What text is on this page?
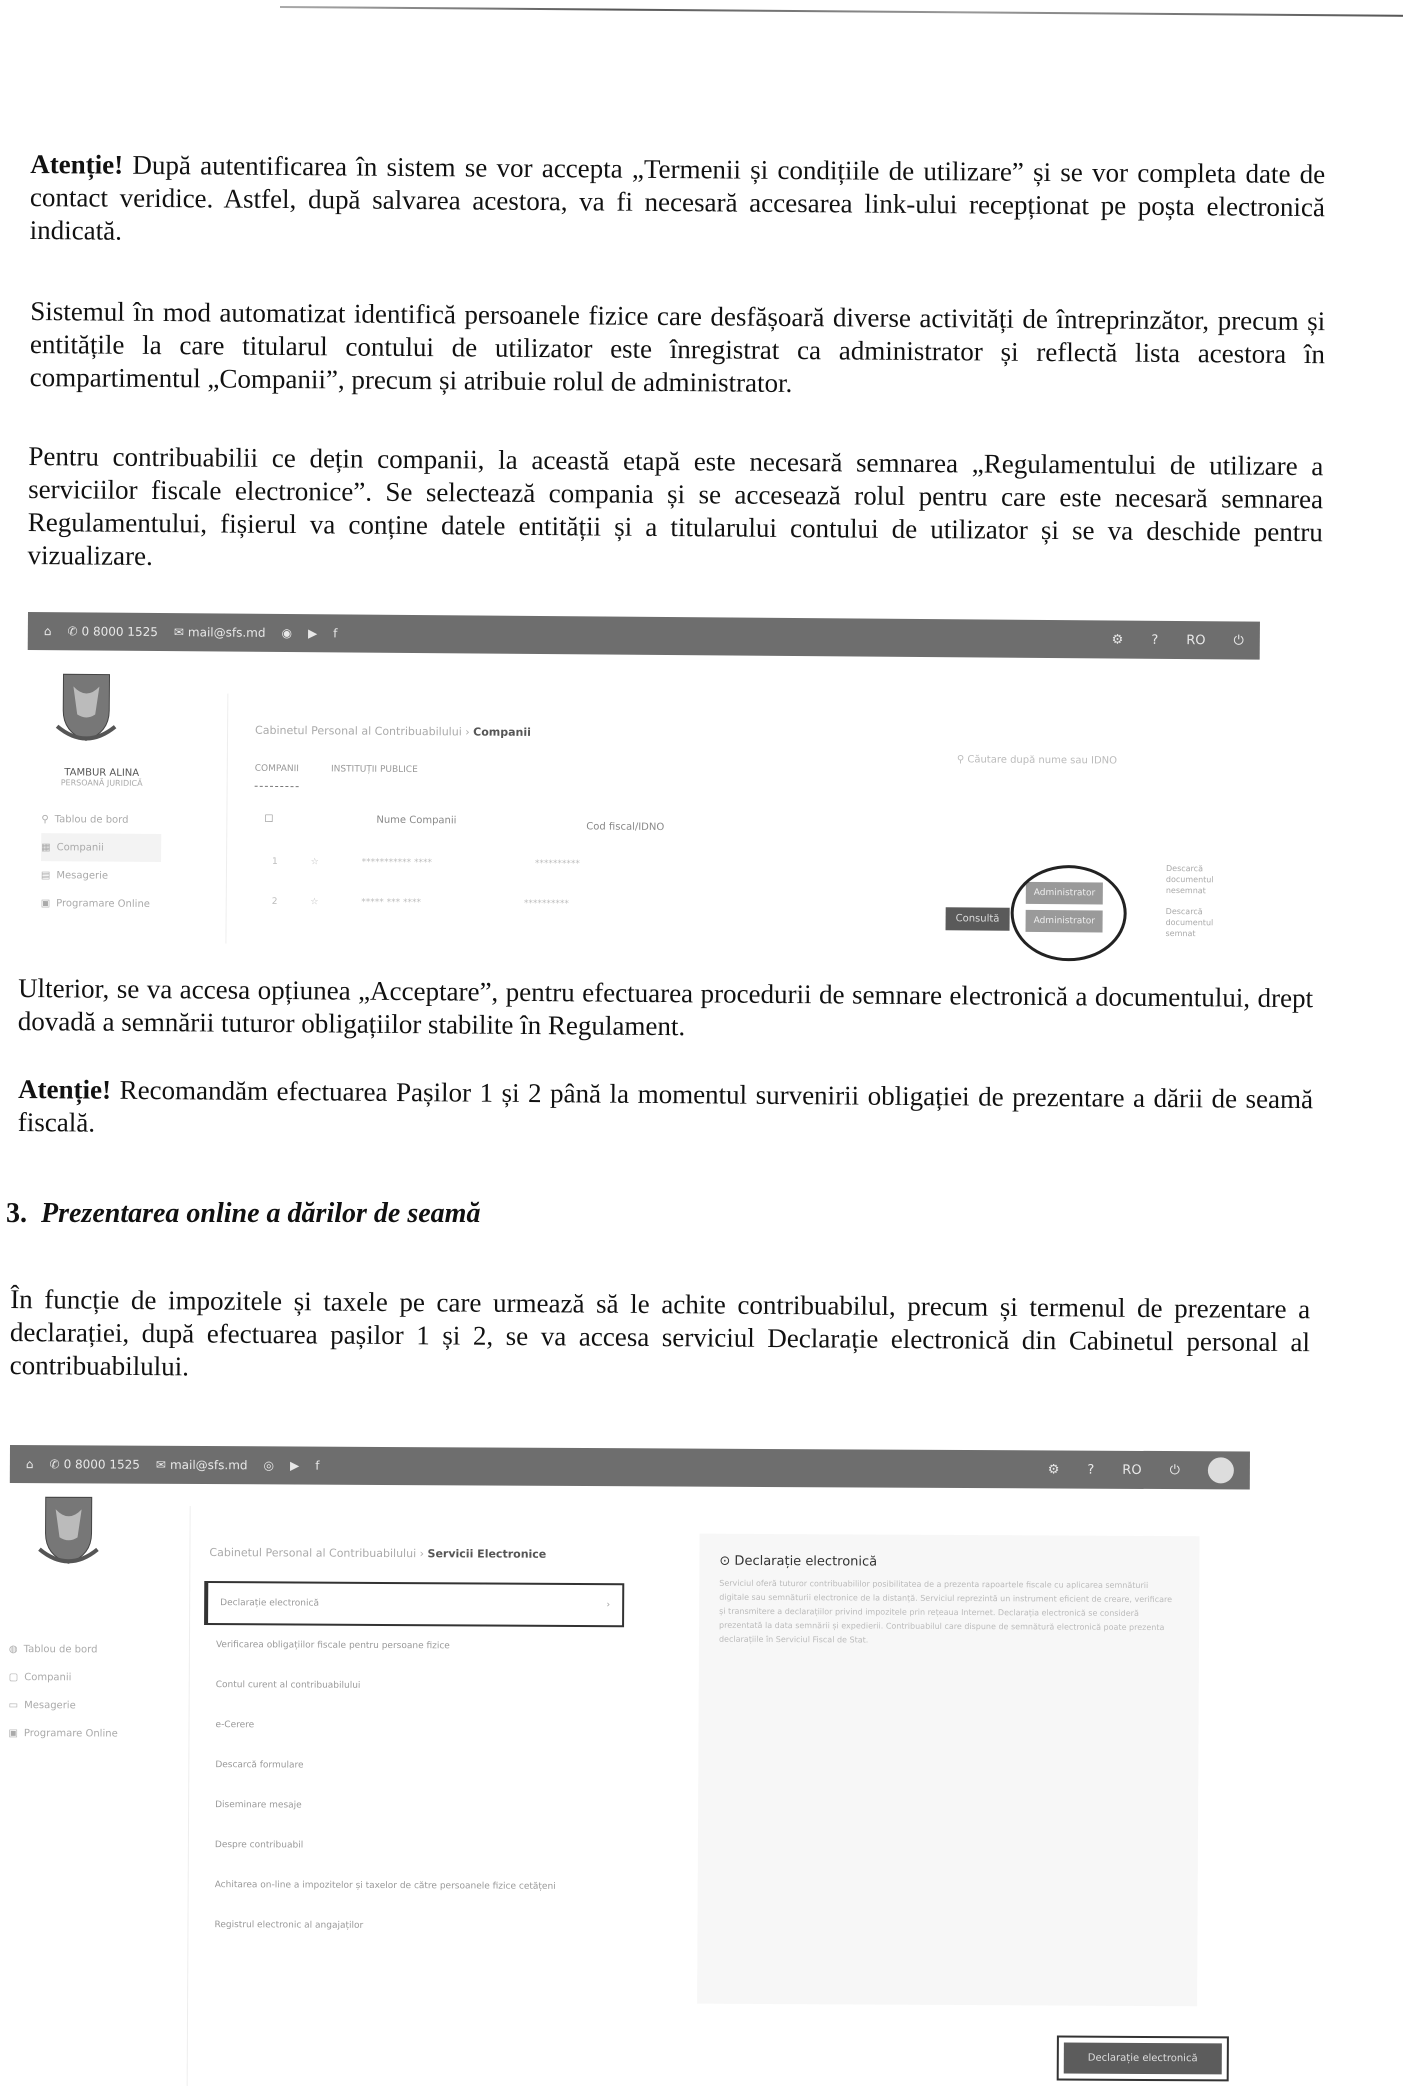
Atenție! După autentificarea în sistem se vor accepta „Termenii și condițiile de utilizare” și se vor completa date de contact veridice. Astfel, după salvarea acestora, va fi necesară accesarea link-ului recepționat pe poșta electronică indicată.
Sistemul în mod automatizat identifică persoanele fizice care desfășoară diverse activități de întreprinzător, precum și entitățile la care titularul contului de utilizator este înregistrat ca administrator și reflectă lista acestora în compartimentul „Companii”, precum și atribuie rolul de administrator.
Pentru contribuabilii ce dețin companii, la această etapă este necesară semnarea „Regulamentului de utilizare a serviciilor fiscale electronice”. Se selectează compania și se accesează rolul pentru care este necesară semnarea Regulamentului, fișierul va conține datele entității și a titularului contului de utilizator și se va deschide pentru vizualizare.
⌂ ✆ 0 8000 1525 ✉ mail@sfs.md ◉ ▶ f	⚙ ? RO ⏻
TAMBUR ALINA
PERSOANĂ JURIDICĂ
⚲ Tablou de bord
▦ Companii
▤ Mesagerie
▣ Programare Online
Cabinetul Personal al Contribuabilului › Companii
⚲ Căutare după nume sau IDNO
COMPANII	INSTITUȚII PUBLICE
☐	Nume Companii
Cod fiscal/IDNO
1	☆	*********** ****	**********
2	☆	***** *** ****	**********
Consultă
Administrator
Administrator
Descarcă documentul nesemnat
Descarcă documentul semnat
Ulterior, se va accesa opțiunea „Acceptare”, pentru efectuarea procedurii de semnare electronică a documentului, drept dovadă a semnării tuturor obligațiilor stabilite în Regulament.
Atenție! Recomandăm efectuarea Pașilor 1 și 2 până la momentul survenirii obligației de prezentare a dării de seamă fiscală.
3. Prezentarea online a dărilor de seamă
În funcție de impozitele și taxele pe care urmează să le achite contribuabilul, precum și termenul de prezentare a declarației, după efectuarea pașilor 1 și 2, se va accesa serviciul Declarație electronică din Cabinetul personal al contribuabilului.
⌂ ✆ 0 8000 1525 ✉ mail@sfs.md ◎ ▶ f	⚙ ? RO ⏻
◍ Tablou de bord
▢ Companii
▭ Mesagerie
▣ Programare Online
Cabinetul Personal al Contribuabilului › Servicii Electronice
Declarație electronică	›
Verificarea obligațiilor fiscale pentru persoane fizice
Contul curent al contribuabilului
e-Cerere
Descarcă formulare
Diseminare mesaje
Despre contribuabil
Achitarea on-line a impozitelor și taxelor de către persoanele fizice cetățeni
Registrul electronic al angajaților
⊙ Declarație electronică

Serviciul oferă tuturor contribuabililor posibilitatea de a prezenta rapoartele fiscale cu aplicarea semnăturii digitale sau semnăturii electronice de la distanță. Serviciul reprezintă un instrument eficient de creare, verificare și transmitere a declarațiilor privind impozitele prin rețeaua Internet. Declarația electronică se consideră prezentată la data semnării și expedierii. Contribuabilul care dispune de semnătură electronică poate prezenta declarațiile în Serviciul Fiscal de Stat.

Declarație electronică
